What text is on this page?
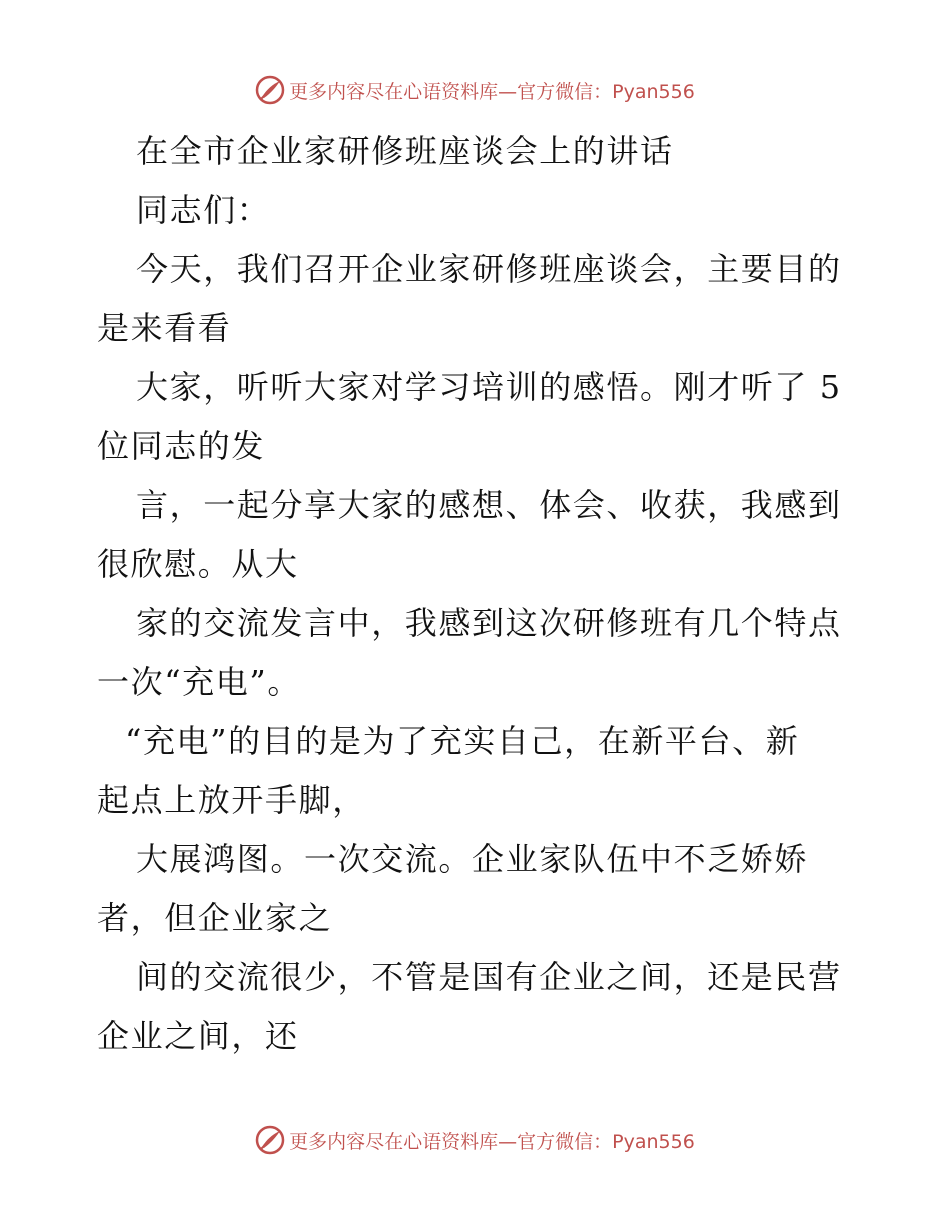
更多内容尽在心语资料库—官方微信：Pyan556
在全市企业家研修班座谈会上的讲话
同志们：
今天，我们召开企业家研修班座谈会，主要目的
是来看看
大家，听听大家对学习培训的感悟。刚才听了 5
位同志的发
言，一起分享大家的感想、体会、收获，我感到
很欣慰。从大
家的交流发言中，我感到这次研修班有几个特点
一次“充电”。
“充电”的目的是为了充实自己，在新平台、新
起点上放开手脚，
大展鸿图。一次交流。企业家队伍中不乏娇娇
者，但企业家之
间的交流很少，不管是国有企业之间，还是民营
企业之间，还
更多内容尽在心语资料库—官方微信：Pyan556
